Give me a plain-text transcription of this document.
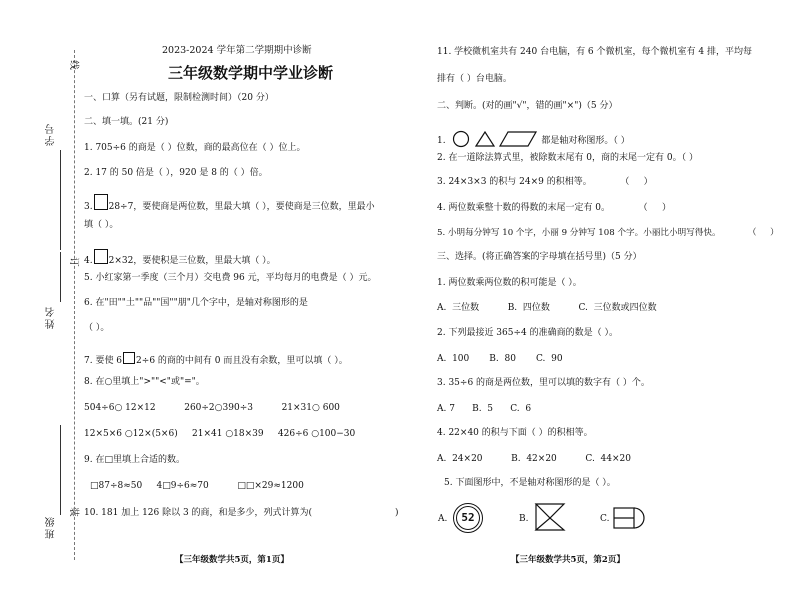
线
学号
订
姓名
装
班级
2023-2024 学年第二学期期中诊断
三年级数学期中学业诊断
一、口算（另有试题，限制检测时间）（20 分）
二、填一填。(21 分)
1. 705÷6 的商是（ ）位数，商的最高位在（ ）位上。
2. 17 的 50 倍是（ ），920 是 8 的（ ）倍。
3. 28÷7，要使商是两位数，里最大填（ ），要使商是三位数，里最小
填（ ）。
4. 2×32，要使积是三位数，里最大填（ ）。
5. 小红家第一季度（三个月）交电费 96 元，平均每月的电费是（ ）元。
6. 在"田""土""品""国""朋"几个字中，是轴对称图形的是
（ ）。
7. 要使 6 2÷6 的商的中间有 0 而且没有余数，里可以填（ ）。
8. 在○里填上">""<"或"="。
504÷6○ 12×12          260÷2○390÷3          21×31○ 600
12×5×6 ○12×(5×6)     21×41 ○18×39     426÷6 ○100−30
9. 在□里填上合适的数。
□87÷8≈50     4□9÷6≈70          □□×29≈1200
10. 181 加上 126 除以 3 的商，和是多少，列式计算为(                             )
【三年级数学共5页，第1页】
11. 学校微机室共有 240 台电脑，有 6 个微机室，每个微机室有 4 排，平均每
排有（ ）台电脑。
二、判断。(对的画"√"，错的画"×")（5 分）
1.	都是轴对称图形。（ ）
2. 在一道除法算式里，被除数末尾有 0，商的末尾一定有 0。（ ）
3. 24×3×3 的积与 24×9 的积相等。          （     ）
4. 两位数乘整十数的得数的末尾一定有 0。          （     ）
5. 小明每分钟写 10 个字，小丽 9 分钟写 108 个字。小丽比小明写得快。          （     ）
三、选择。(将正确答案的字母填在括号里)（5 分）
1. 两位数乘两位数的积可能是（ ）。
A.  三位数          B.  四位数          C.  三位数或四位数
2. 下列最接近 365÷4 的准确商的数是（ ）。
A.  100       B.  80       C.  90
3. 35÷6 的商是两位数，里可以填的数字有（ ）个。
A. 7      B.  5      C.  6
4. 22×40 的积与下面（ ）的积相等。
A.  24×20          B.  42×20          C.  44×20
5. 下面图形中，不是轴对称图形的是（ ）。
A.	52	B.	C.
【三年级数学共5页，第2页】
